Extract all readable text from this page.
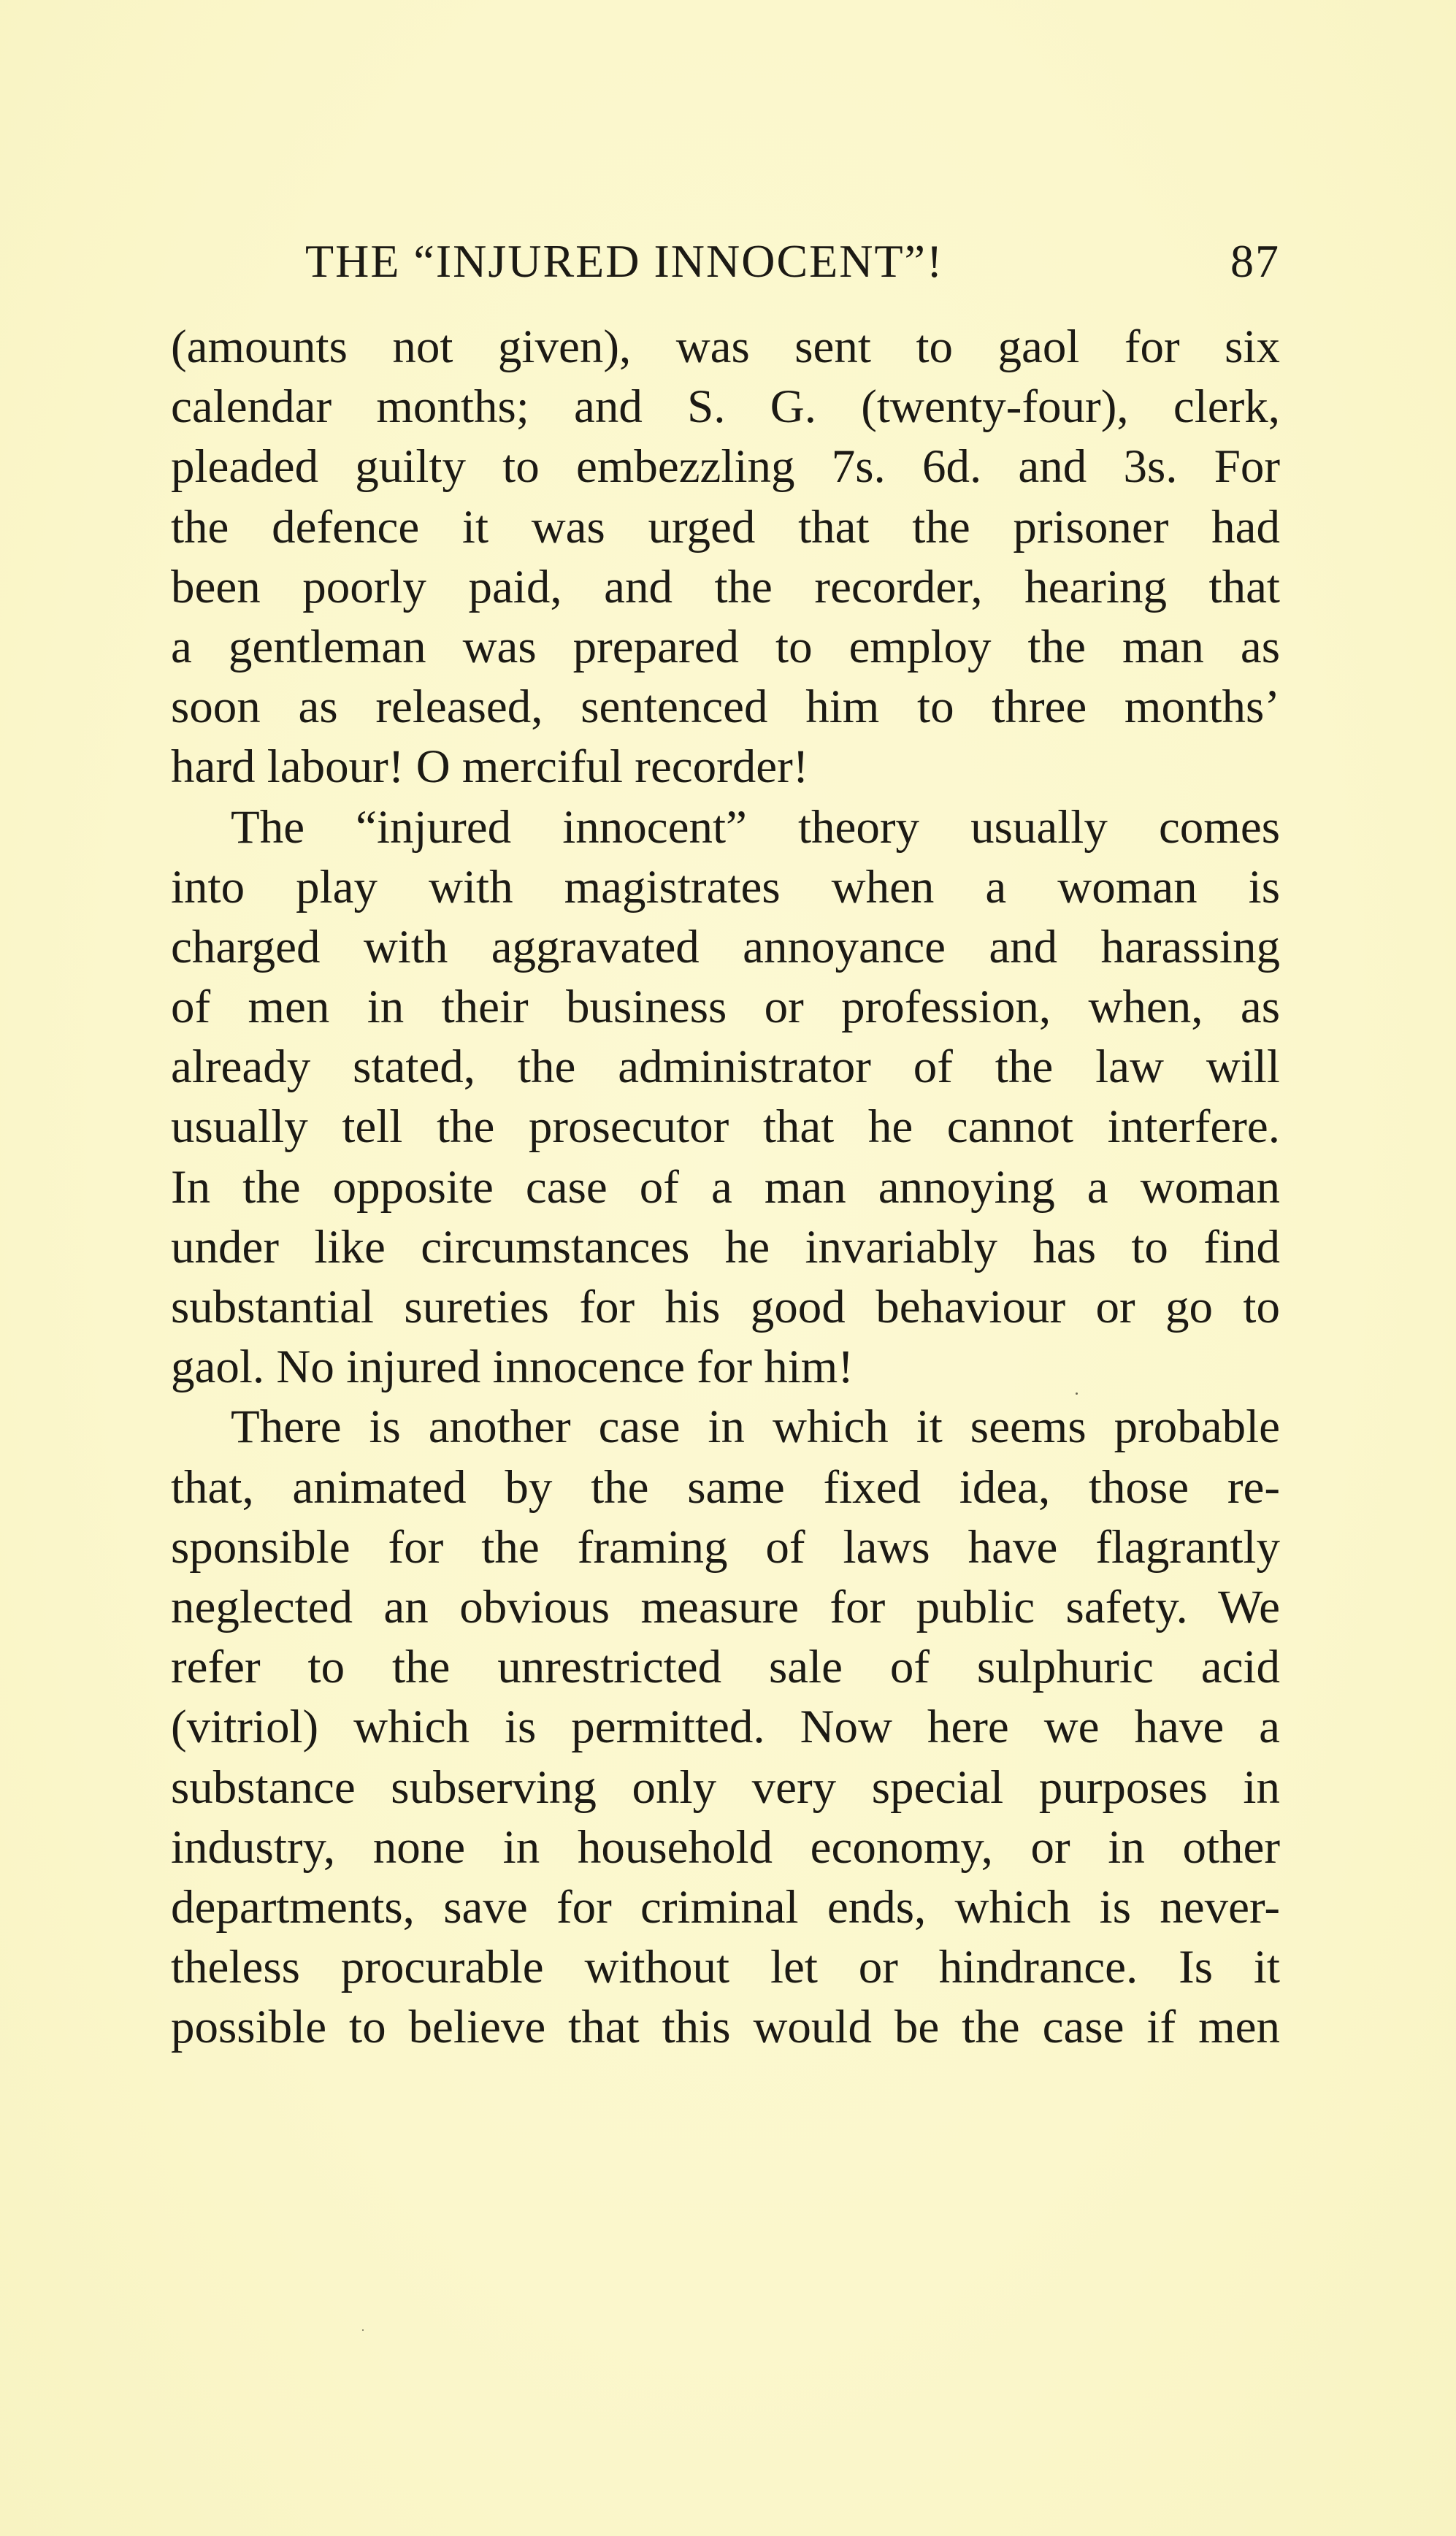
THE “INJURED INNOCENT”!	87
(amounts not given), was sent to gaol for six
calendar months; and S. G. (twenty-four), clerk,
pleaded guilty to embezzling 7s. 6d. and 3s. For
the defence it was urged that the prisoner had
been poorly paid, and the recorder, hearing that
a gentleman was prepared to employ the man as
soon as released, sentenced him to three months’
hard labour! O merciful recorder!
The “injured innocent” theory usually comes
into play with magistrates when a woman is
charged with aggravated annoyance and harassing
of men in their business or profession, when, as
already stated, the administrator of the law will
usually tell the prosecutor that he cannot interfere.
In the opposite case of a man annoying a woman
under like circumstances he invariably has to find
substantial sureties for his good behaviour or go to
gaol. No injured innocence for him!
There is another case in which it seems probable
that, animated by the same fixed idea, those re-
sponsible for the framing of laws have flagrantly
neglected an obvious measure for public safety. We
refer to the unrestricted sale of sulphuric acid
(vitriol) which is permitted. Now here we have a
substance subserving only very special purposes in
industry, none in household economy, or in other
departments, save for criminal ends, which is never-
theless procurable without let or hindrance. Is it
possible to believe that this would be the case if men
